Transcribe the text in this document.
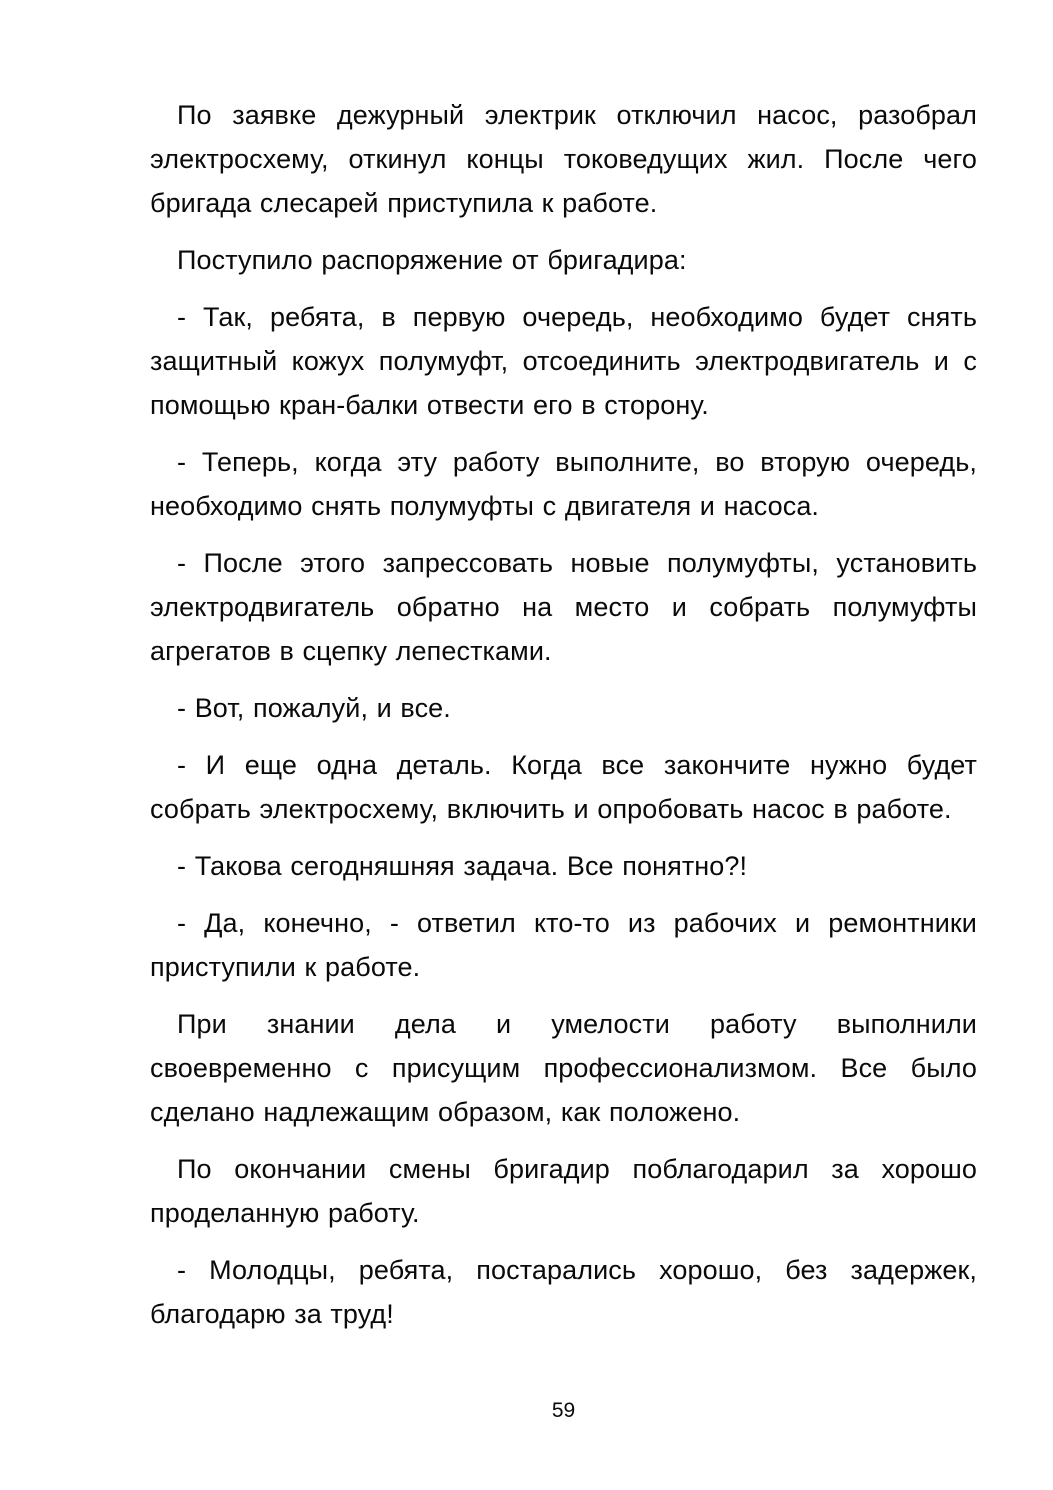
По заявке дежурный электрик отключил насос, разобрал электросхему, откинул концы токоведущих жил. После чего бригада слесарей приступила к работе.

Поступило распоряжение от бригадира:

- Так, ребята, в первую очередь, необходимо будет снять защитный кожух полумуфт, отсоединить электродвигатель и с помощью кран-балки отвести его в сторону.

- Теперь, когда эту работу выполните, во вторую очередь, необходимо снять полумуфты с двигателя и насоса.

- После этого запрессовать новые полумуфты, установить электродвигатель обратно на место и собрать полумуфты агрегатов в сцепку лепестками.

- Вот, пожалуй, и все.

- И еще одна деталь. Когда все закончите нужно будет собрать электросхему, включить и опробовать насос в работе.

- Такова сегодняшняя задача. Все понятно?!

- Да, конечно, - ответил кто-то из рабочих и ремонтники приступили к работе.

При знании дела и умелости работу выполнили своевременно с присущим профессионализмом. Все было сделано надлежащим образом, как положено.

По окончании смены бригадир поблагодарил за хорошо проделанную работу.

- Молодцы, ребята, постарались хорошо, без задержек, благодарю за труд!

59
